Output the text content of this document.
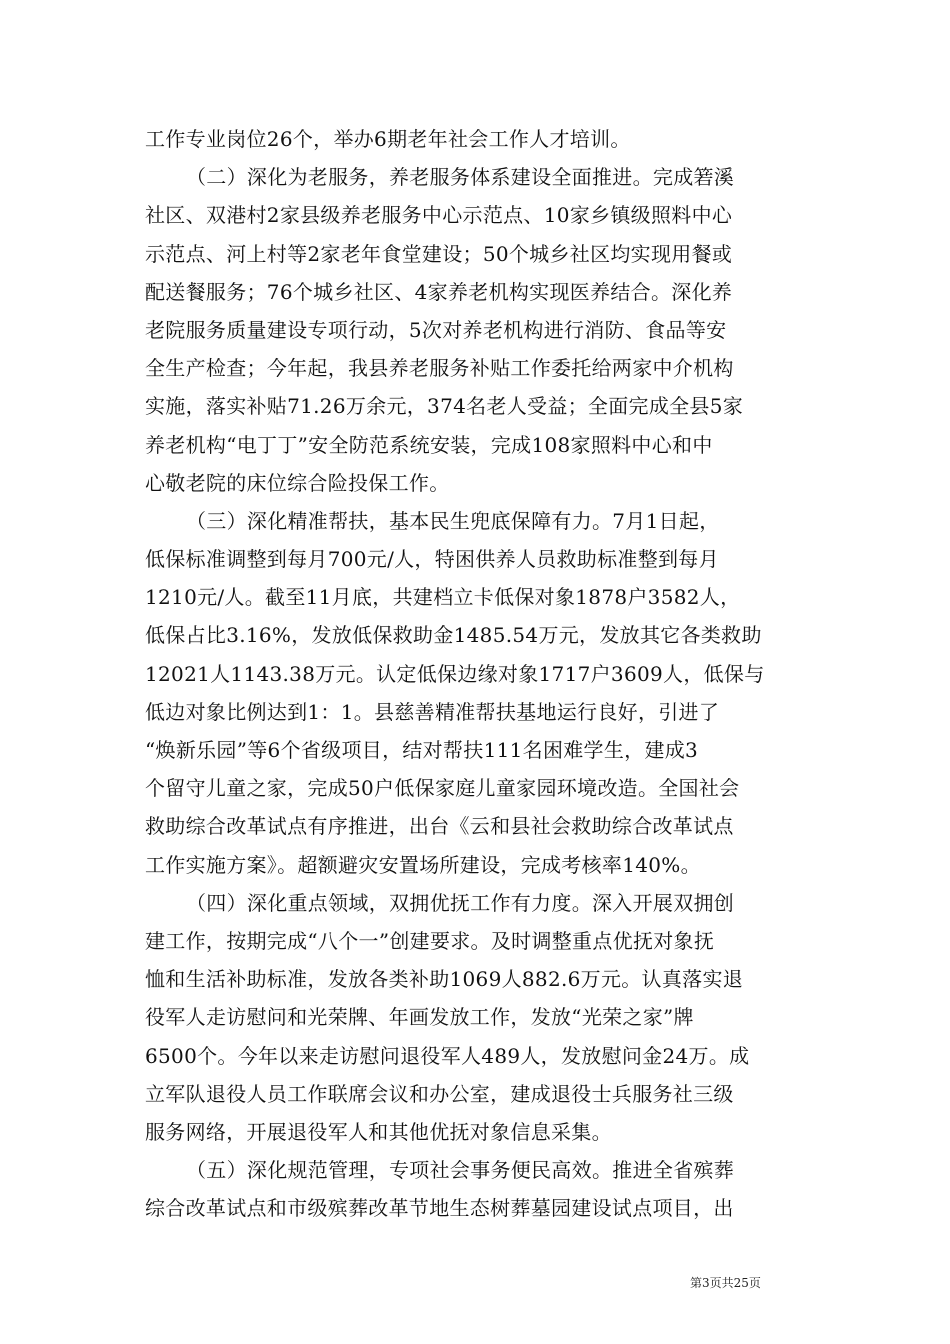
工作专业岗位26个，举办6期老年社会工作人才培训。
（二）深化为老服务，养老服务体系建设全面推进。完成箬溪
社区、双港村2家县级养老服务中心示范点、10家乡镇级照料中心
示范点、河上村等2家老年食堂建设；50个城乡社区均实现用餐或
配送餐服务；76个城乡社区、4家养老机构实现医养结合。深化养
老院服务质量建设专项行动，5次对养老机构进行消防、食品等安
全生产检查；今年起，我县养老服务补贴工作委托给两家中介机构
实施，落实补贴71.26万余元，374名老人受益；全面完成全县5家
养老机构“电丁丁”安全防范系统安装，完成108家照料中心和中
心敬老院的床位综合险投保工作。
（三）深化精准帮扶，基本民生兜底保障有力。7月1日起，
低保标准调整到每月700元/人，特困供养人员救助标准整到每月
1210元/人。截至11月底，共建档立卡低保对象1878户3582人，
低保占比3.16%，发放低保救助金1485.54万元，发放其它各类救助
12021人1143.38万元。认定低保边缘对象1717户3609人，低保与
低边对象比例达到1：1。县慈善精准帮扶基地运行良好，引进了
“焕新乐园”等6个省级项目，结对帮扶111名困难学生，建成3
个留守儿童之家，完成50户低保家庭儿童家园环境改造。全国社会
救助综合改革试点有序推进，出台《云和县社会救助综合改革试点
工作实施方案》。超额避灾安置场所建设，完成考核率140%。
（四）深化重点领域，双拥优抚工作有力度。深入开展双拥创
建工作，按期完成“八个一”创建要求。及时调整重点优抚对象抚
恤和生活补助标准，发放各类补助1069人882.6万元。认真落实退
役军人走访慰问和光荣牌、年画发放工作，发放“光荣之家”牌
6500个。今年以来走访慰问退役军人489人，发放慰问金24万。成
立军队退役人员工作联席会议和办公室，建成退役士兵服务社三级
服务网络，开展退役军人和其他优抚对象信息采集。
（五）深化规范管理，专项社会事务便民高效。推进全省殡葬
综合改革试点和市级殡葬改革节地生态树葬墓园建设试点项目，出
第3页共25页
